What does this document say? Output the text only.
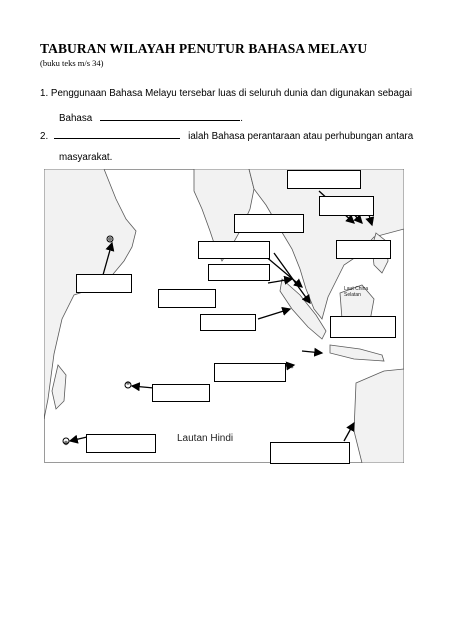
TABURAN WILAYAH PENUTUR BAHASA MELAYU
(buku teks m/s 34)
1. Penggunaan Bahasa Melayu tersebar luas di seluruh dunia dan digunakan sebagai
Bahasa	.
2.	ialah Bahasa perantaraan atau perhubungan antara
masyarakat.
Lautan Hindi
Laut China
Selatan
